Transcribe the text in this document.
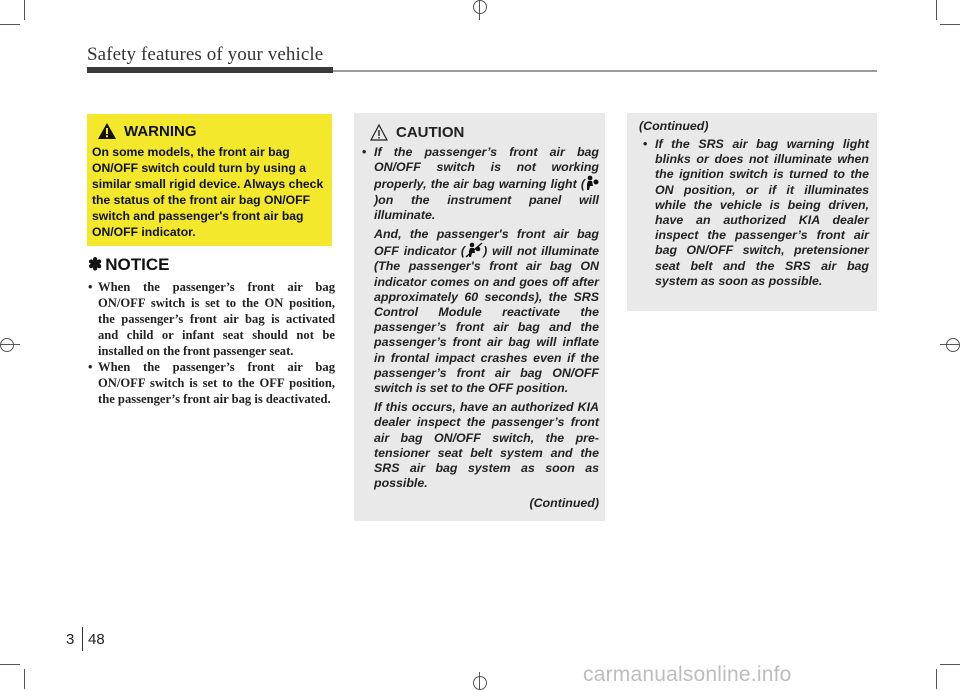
Safety features of your vehicle
WARNING
On some models, the front air bag ON/OFF switch could turn by using a similar small rigid device. Always check the status of the front air bag ON/OFF switch and passenger's front air bag ON/OFF indicator.
✽ NOTICE
• When the passenger’s front air bag ON/OFF switch is set to the ON position, the passenger’s front air bag is activated and child or infant seat should not be installed on the front passenger seat.
• When the passenger’s front air bag ON/OFF switch is set to the OFF position, the passenger’s front air bag is deactivated.
CAUTION
• If the passenger’s front air bag ON/OFF switch is not working properly, the air bag warning light ()on the instrument panel will illuminate.
And, the passenger's front air bag OFF indicator ( ) will not illuminate (The passenger's front air bag ON indicator comes on and goes off after approximately 60 seconds), the SRS Control Module reactivate the passenger’s front air bag and the passenger’s front air bag will inflate in frontal impact crashes even if the passenger’s front air bag ON/OFF switch is set to the OFF position.
If this occurs, have an authorized KIA dealer inspect the passenger’s front air bag ON/OFF switch, the pre-tensioner seat belt system and the SRS air bag system as soon as possible.
(Continued)
(Continued)
• If the SRS air bag warning light blinks or does not illuminate when the ignition switch is turned to the ON position, or if it illuminates while the vehicle is being driven, have an authorized KIA dealer inspect the passenger’s front air bag ON/OFF switch, pretensioner seat belt and the SRS air bag system as soon as possible.
3 48
carmanualsonline.info
